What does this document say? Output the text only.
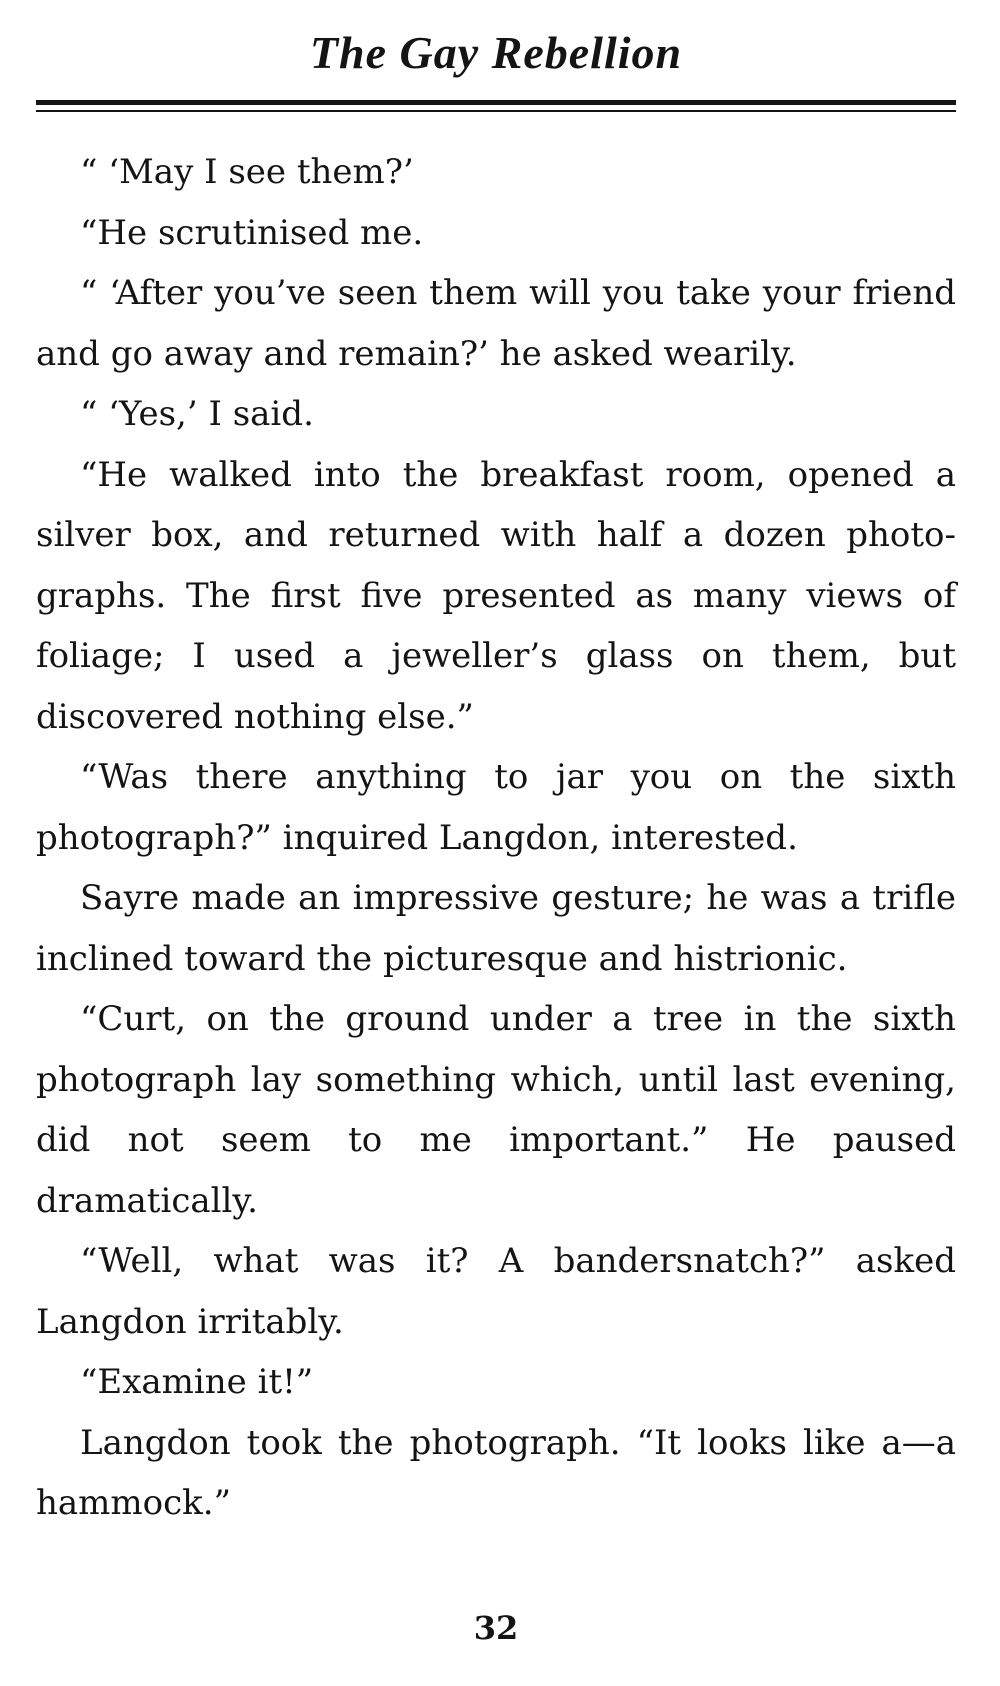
The Gay Rebellion

“ ‘May I see them?’

“He scrutinised me.

“ ‘After you’ve seen them will you take your friend and go away and remain?’ he asked wearily.

“ ‘Yes,’ I said.

“He walked into the breakfast room, opened a silver box, and returned with half a dozen photographs. The first five presented as many views of foliage; I used a jeweller’s glass on them, but discovered nothing else.”

“Was there anything to jar you on the sixth photograph?” inquired Langdon, interested.

Sayre made an impressive gesture; he was a trifle inclined toward the picturesque and histrionic.

“Curt, on the ground under a tree in the sixth photograph lay something which, until last evening, did not seem to me important.” He paused dramatically.

“Well, what was it? A bandersnatch?” asked Langdon irritably.

“Examine it!”

Langdon took the photograph. “It looks like a—a hammock.”

32
